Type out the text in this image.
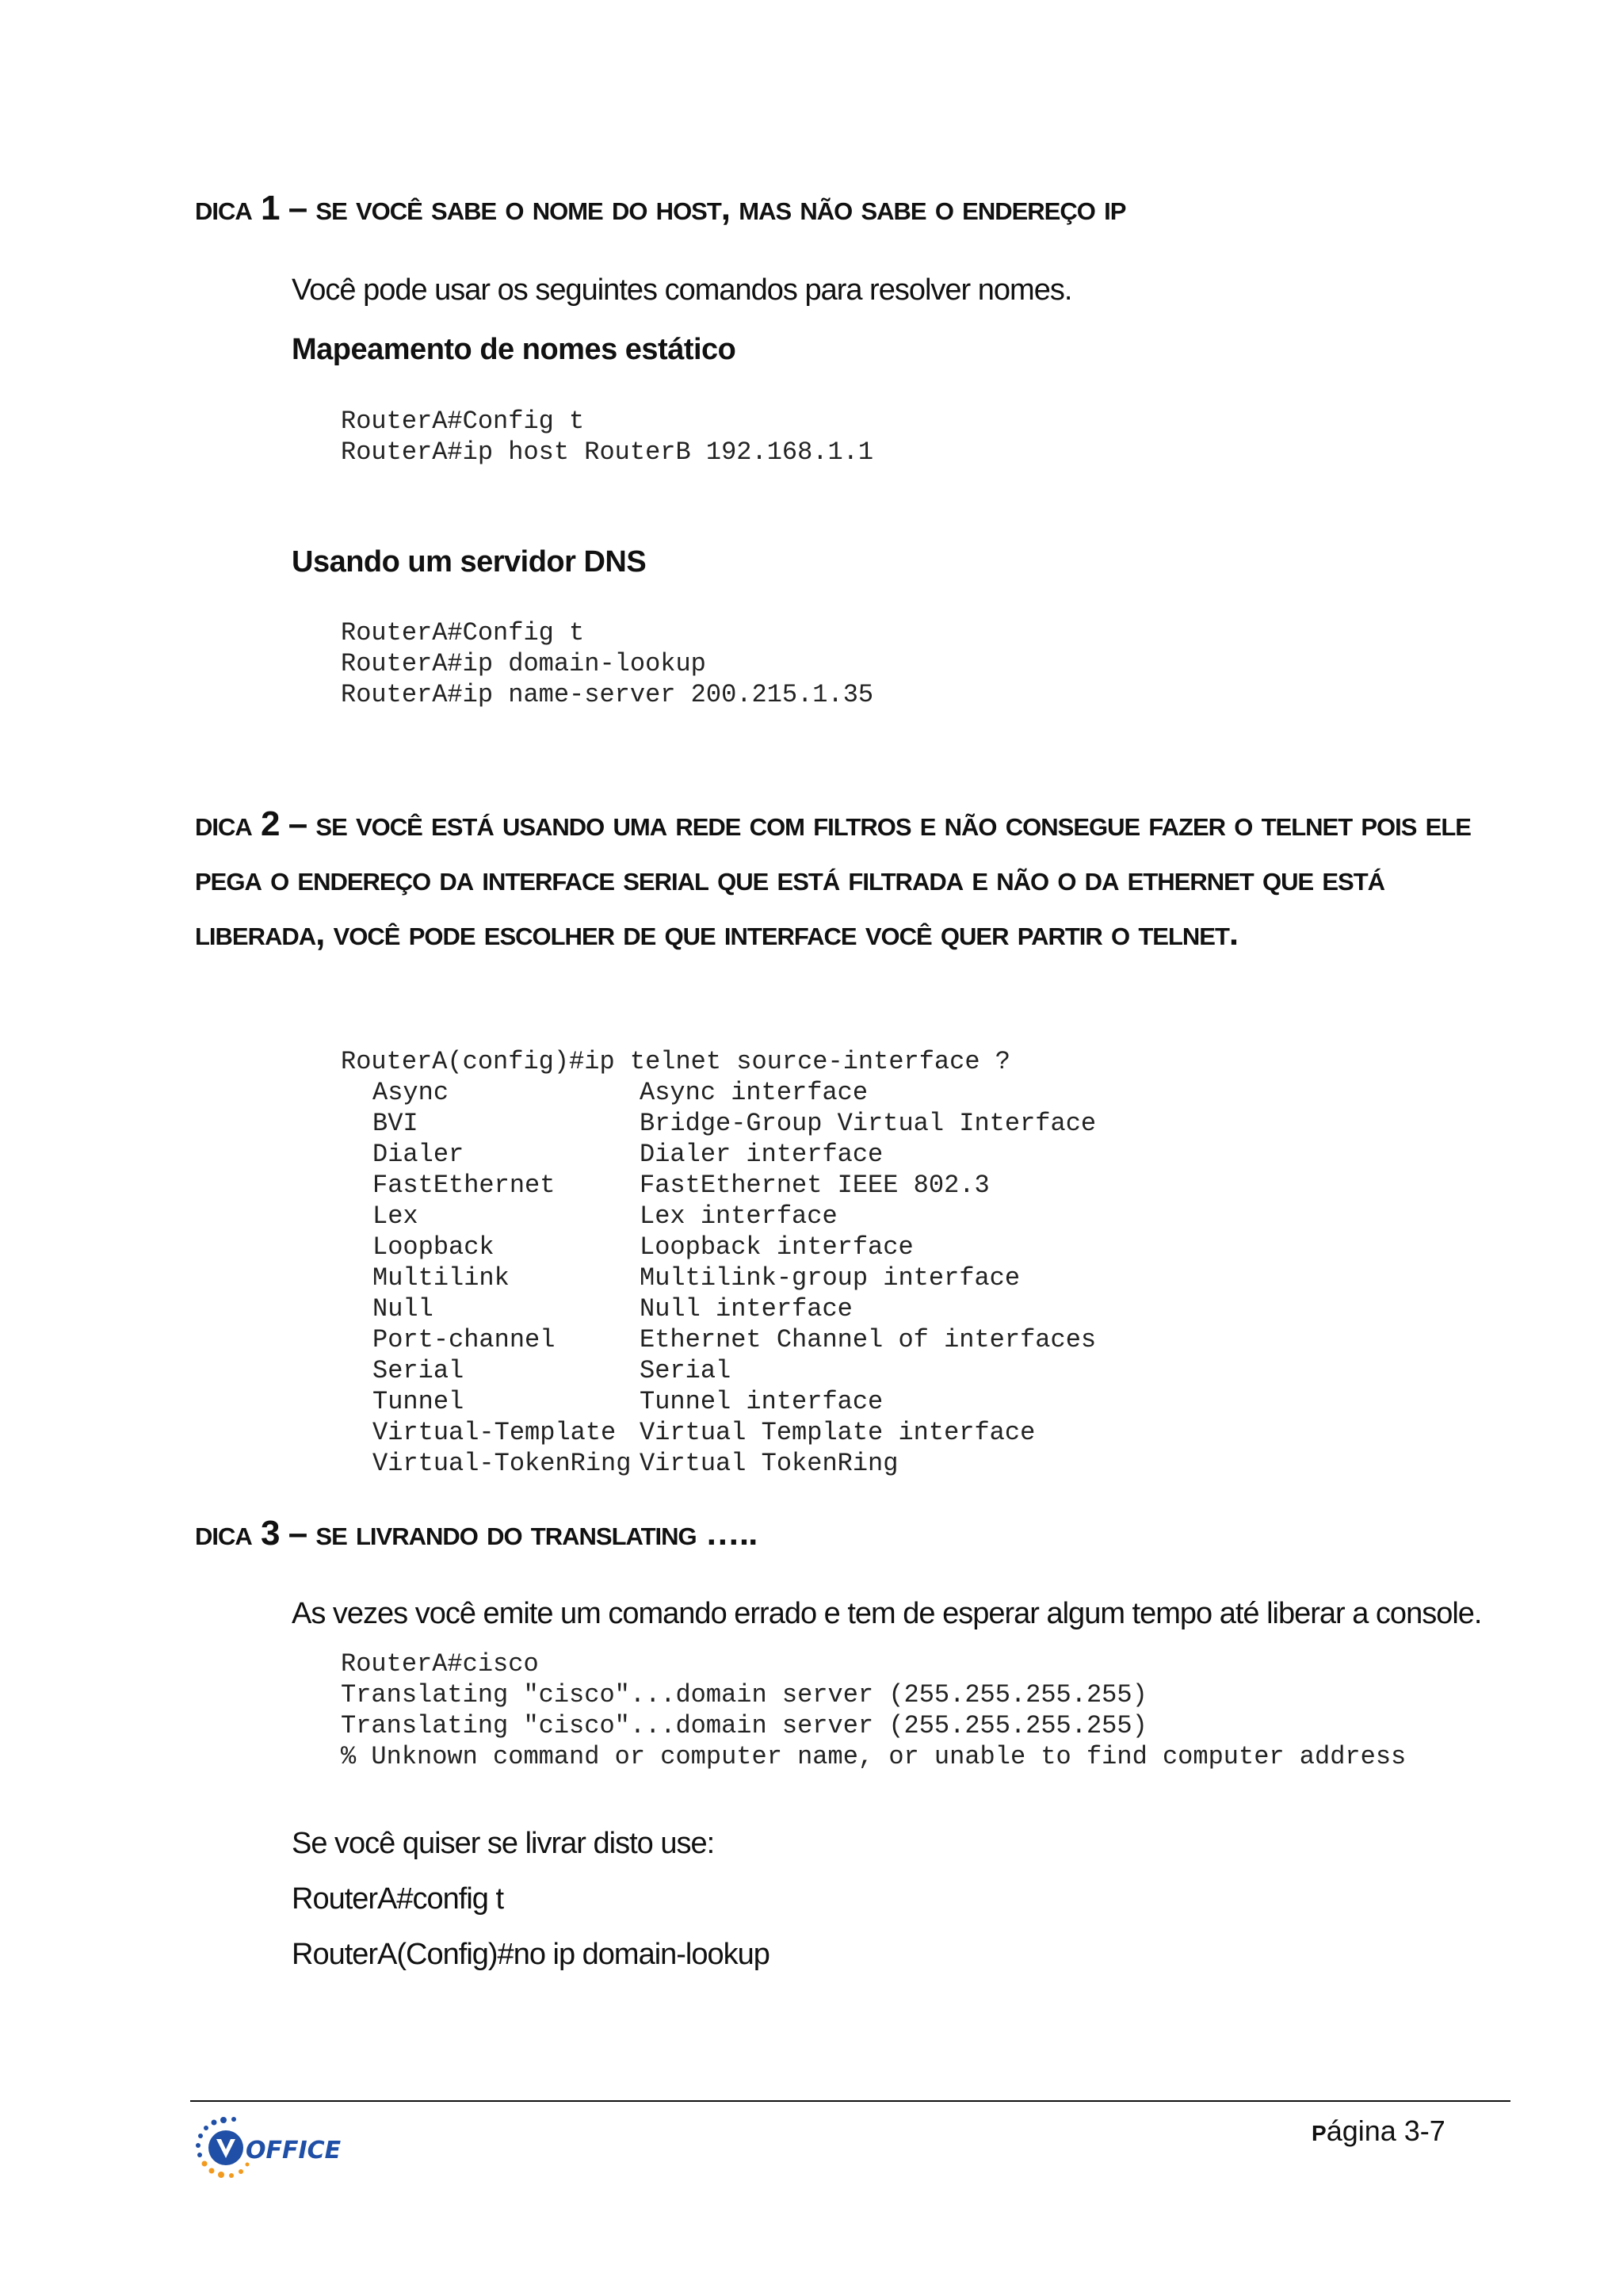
dica 1 – se você sabe o nome do host, mas não sabe o endereço ip

Você pode usar os seguintes comandos para resolver nomes.

Mapeamento de nomes estático

RouterA#Config t
RouterA#ip host RouterB 192.168.1.1

Usando um servidor DNS

RouterA#Config t
RouterA#ip domain-lookup
RouterA#ip name-server 200.215.1.35
dica 2 – se você está usando uma rede com filtros e não consegue fazer o telnet pois ele pega o endereço da interface serial que está filtrada e não o da ethernet que está liberada, você pode escolher de que interface você quer partir o telnet.
RouterA(config)#ip telnet source-interface ?
Async	Async interface
BVI	Bridge-Group Virtual Interface
Dialer	Dialer interface
FastEthernet	FastEthernet IEEE 802.3
Lex	Lex interface
Loopback	Loopback interface
Multilink	Multilink-group interface
Null	Null interface
Port-channel	Ethernet Channel of interfaces
Serial	Serial
Tunnel	Tunnel interface
Virtual-Template Virtual Template interface
Virtual-TokenRing Virtual TokenRing
dica 3 – se livrando do translating …..

As vezes você emite um comando errado e tem de esperar algum tempo até liberar a console.

RouterA#cisco
Translating "cisco"...domain server (255.255.255.255)
Translating "cisco"...domain server (255.255.255.255)
% Unknown command or computer name, or unable to find computer address

Se você quiser se livrar disto use:

RouterA#config t

RouterA(Config)#no ip domain-lookup

OFFICE
Página 3-7
